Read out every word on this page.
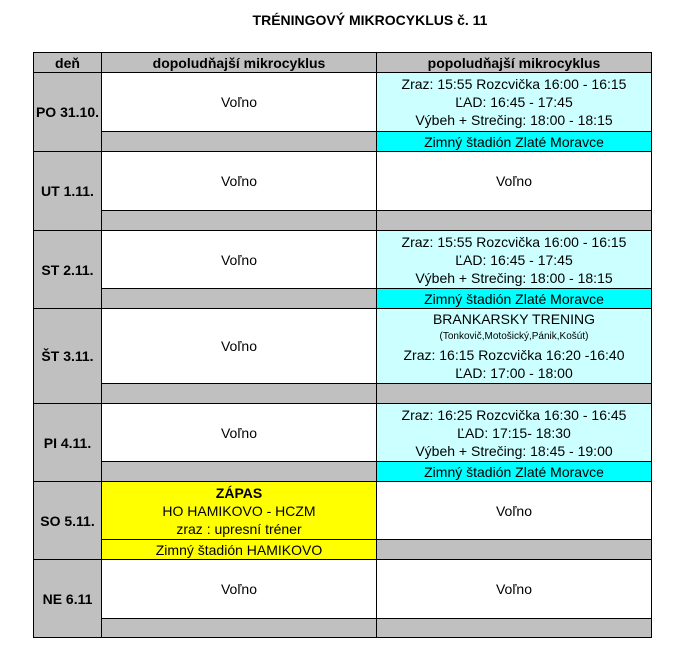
TRÉNINGOVÝ MIKROCYKLUS č. 11
deň	dopoludňajší mikrocyklus	popoludňajší mikrocyklus
PO 31.10.	Voľno	Zraz: 15:55 Rozcvička 16:00 - 16:15
ĽAD: 16:45 - 17:45
Výbeh + Strečing: 18:00 - 18:15

		Zimný štadión Zlaté Moravce
UT 1.11.	Voľno	Voľno

ST 2.11.	Voľno	Zraz: 15:55 Rozcvička 16:00 - 16:15
ĽAD: 16:45 - 17:45
Výbeh + Strečing: 18:00 - 18:15

		Zimný štadión Zlaté Moravce
ŠT 3.11.	Voľno	BRANKARSKY TRENING
(Tonkovič,Motošický,Pánik,Košút)
Zraz: 16:15 Rozcvička 16:20 -16:40
ĽAD: 17:00 - 18:00

PI 4.11.	Voľno	Zraz: 16:25 Rozcvička 16:30 - 16:45
ĽAD: 17:15- 18:30
Výbeh + Strečing: 18:45 - 19:00

		Zimný štadión Zlaté Moravce
SO 5.11.	ZÁPAS
HO HAMIKOVO - HCZM
zraz : upresní tréner	Voľno
	Zimný štadión HAMIKOVO	
NE 6.11	Voľno	Voľno
